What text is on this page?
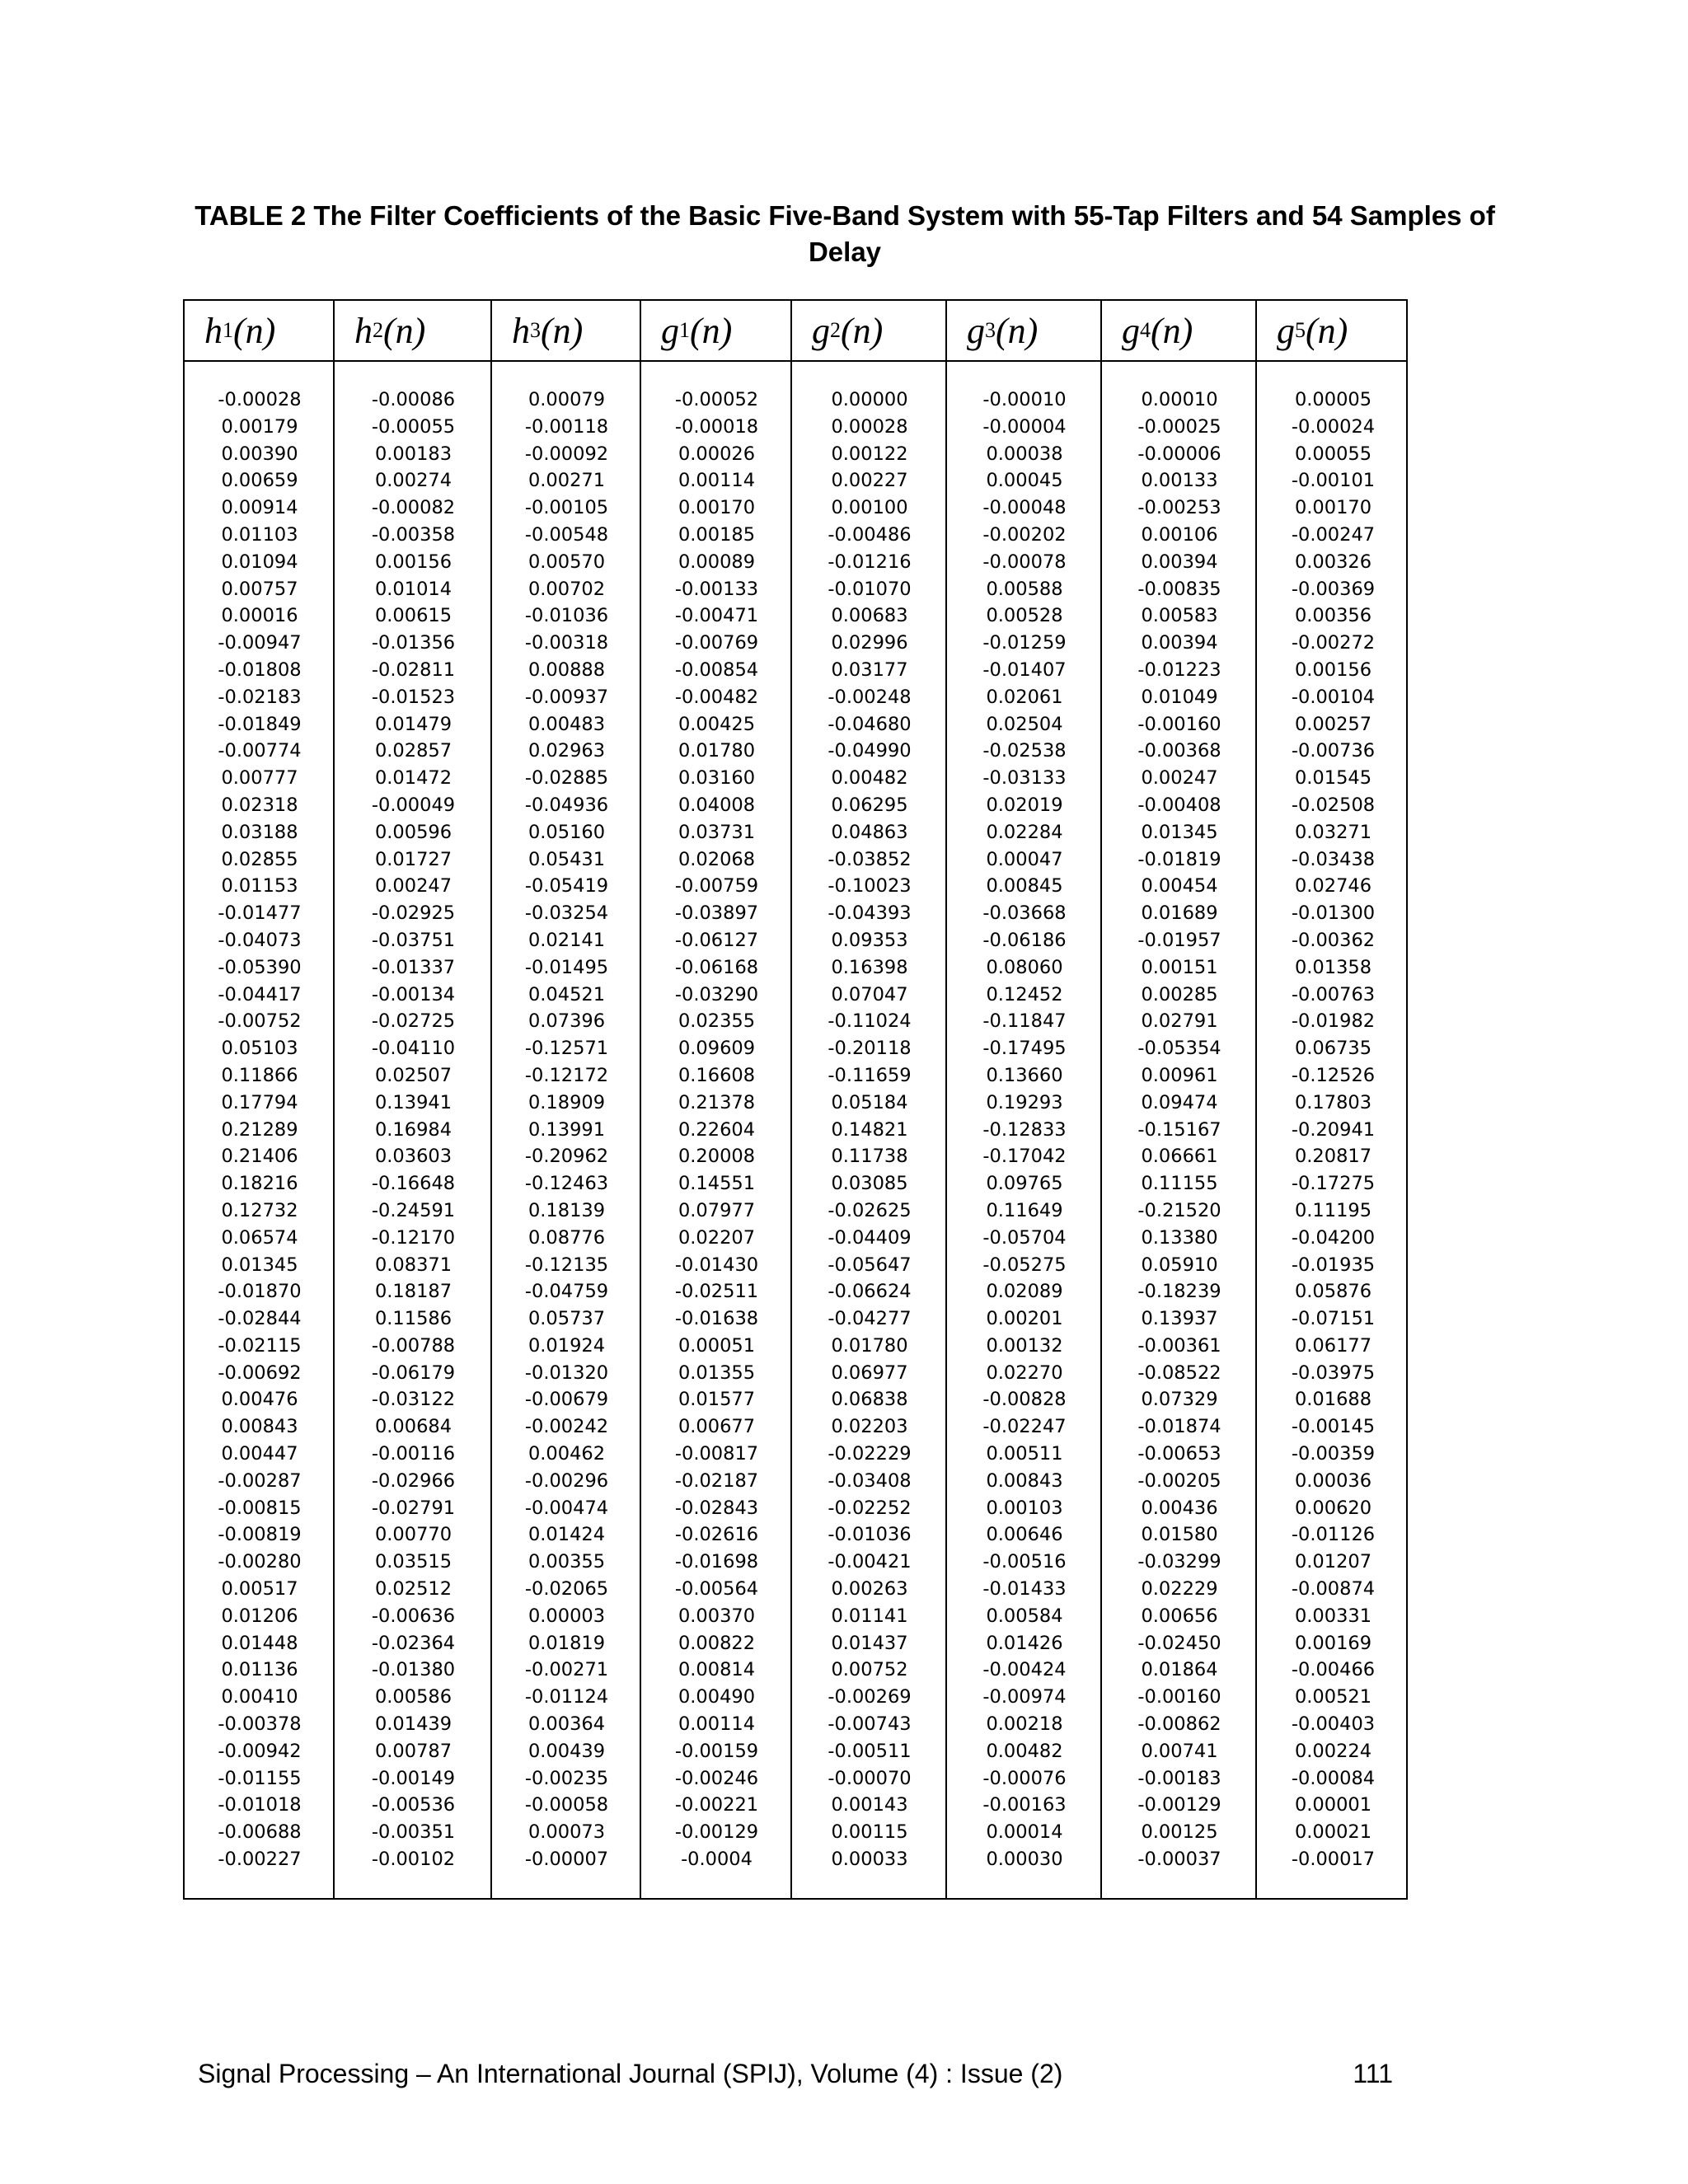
TABLE 2 The Filter Coefficients of the Basic Five-Band System with 55-Tap Filters and 54 Samples of Delay
h 1 (n)
-0.00028
0.00179
0.00390
0.00659
0.00914
0.01103
0.01094
0.00757
0.00016
-0.00947
-0.01808
-0.02183
-0.01849
-0.00774
0.00777
0.02318
0.03188
0.02855
0.01153
-0.01477
-0.04073
-0.05390
-0.04417
-0.00752
0.05103
0.11866
0.17794
0.21289
0.21406
0.18216
0.12732
0.06574
0.01345
-0.01870
-0.02844
-0.02115
-0.00692
0.00476
0.00843
0.00447
-0.00287
-0.00815
-0.00819
-0.00280
0.00517
0.01206
0.01448
0.01136
0.00410
-0.00378
-0.00942
-0.01155
-0.01018
-0.00688
-0.00227
h 2 (n)
-0.00086
-0.00055
0.00183
0.00274
-0.00082
-0.00358
0.00156
0.01014
0.00615
-0.01356
-0.02811
-0.01523
0.01479
0.02857
0.01472
-0.00049
0.00596
0.01727
0.00247
-0.02925
-0.03751
-0.01337
-0.00134
-0.02725
-0.04110
0.02507
0.13941
0.16984
0.03603
-0.16648
-0.24591
-0.12170
0.08371
0.18187
0.11586
-0.00788
-0.06179
-0.03122
0.00684
-0.00116
-0.02966
-0.02791
0.00770
0.03515
0.02512
-0.00636
-0.02364
-0.01380
0.00586
0.01439
0.00787
-0.00149
-0.00536
-0.00351
-0.00102
h 3 (n)
0.00079
-0.00118
-0.00092
0.00271
-0.00105
-0.00548
0.00570
0.00702
-0.01036
-0.00318
0.00888
-0.00937
0.00483
0.02963
-0.02885
-0.04936
0.05160
0.05431
-0.05419
-0.03254
0.02141
-0.01495
0.04521
0.07396
-0.12571
-0.12172
0.18909
0.13991
-0.20962
-0.12463
0.18139
0.08776
-0.12135
-0.04759
0.05737
0.01924
-0.01320
-0.00679
-0.00242
0.00462
-0.00296
-0.00474
0.01424
0.00355
-0.02065
0.00003
0.01819
-0.00271
-0.01124
0.00364
0.00439
-0.00235
-0.00058
0.00073
-0.00007
g 1 (n)
-0.00052
-0.00018
0.00026
0.00114
0.00170
0.00185
0.00089
-0.00133
-0.00471
-0.00769
-0.00854
-0.00482
0.00425
0.01780
0.03160
0.04008
0.03731
0.02068
-0.00759
-0.03897
-0.06127
-0.06168
-0.03290
0.02355
0.09609
0.16608
0.21378
0.22604
0.20008
0.14551
0.07977
0.02207
-0.01430
-0.02511
-0.01638
0.00051
0.01355
0.01577
0.00677
-0.00817
-0.02187
-0.02843
-0.02616
-0.01698
-0.00564
0.00370
0.00822
0.00814
0.00490
0.00114
-0.00159
-0.00246
-0.00221
-0.00129
-0.0004
g 2 (n)
0.00000
0.00028
0.00122
0.00227
0.00100
-0.00486
-0.01216
-0.01070
0.00683
0.02996
0.03177
-0.00248
-0.04680
-0.04990
0.00482
0.06295
0.04863
-0.03852
-0.10023
-0.04393
0.09353
0.16398
0.07047
-0.11024
-0.20118
-0.11659
0.05184
0.14821
0.11738
0.03085
-0.02625
-0.04409
-0.05647
-0.06624
-0.04277
0.01780
0.06977
0.06838
0.02203
-0.02229
-0.03408
-0.02252
-0.01036
-0.00421
0.00263
0.01141
0.01437
0.00752
-0.00269
-0.00743
-0.00511
-0.00070
0.00143
0.00115
0.00033
g 3 (n)
-0.00010
-0.00004
0.00038
0.00045
-0.00048
-0.00202
-0.00078
0.00588
0.00528
-0.01259
-0.01407
0.02061
0.02504
-0.02538
-0.03133
0.02019
0.02284
0.00047
0.00845
-0.03668
-0.06186
0.08060
0.12452
-0.11847
-0.17495
0.13660
0.19293
-0.12833
-0.17042
0.09765
0.11649
-0.05704
-0.05275
0.02089
0.00201
0.00132
0.02270
-0.00828
-0.02247
0.00511
0.00843
0.00103
0.00646
-0.00516
-0.01433
0.00584
0.01426
-0.00424
-0.00974
0.00218
0.00482
-0.00076
-0.00163
0.00014
0.00030
g 4 (n)
0.00010
-0.00025
-0.00006
0.00133
-0.00253
0.00106
0.00394
-0.00835
0.00583
0.00394
-0.01223
0.01049
-0.00160
-0.00368
0.00247
-0.00408
0.01345
-0.01819
0.00454
0.01689
-0.01957
0.00151
0.00285
0.02791
-0.05354
0.00961
0.09474
-0.15167
0.06661
0.11155
-0.21520
0.13380
0.05910
-0.18239
0.13937
-0.00361
-0.08522
0.07329
-0.01874
-0.00653
-0.00205
0.00436
0.01580
-0.03299
0.02229
0.00656
-0.02450
0.01864
-0.00160
-0.00862
0.00741
-0.00183
-0.00129
0.00125
-0.00037
g 5 (n)
0.00005
-0.00024
0.00055
-0.00101
0.00170
-0.00247
0.00326
-0.00369
0.00356
-0.00272
0.00156
-0.00104
0.00257
-0.00736
0.01545
-0.02508
0.03271
-0.03438
0.02746
-0.01300
-0.00362
0.01358
-0.00763
-0.01982
0.06735
-0.12526
0.17803
-0.20941
0.20817
-0.17275
0.11195
-0.04200
-0.01935
0.05876
-0.07151
0.06177
-0.03975
0.01688
-0.00145
-0.00359
0.00036
0.00620
-0.01126
0.01207
-0.00874
0.00331
0.00169
-0.00466
0.00521
-0.00403
0.00224
-0.00084
0.00001
0.00021
-0.00017
Signal Processing – An International Journal (SPIJ), Volume (4) : Issue (2)	111
